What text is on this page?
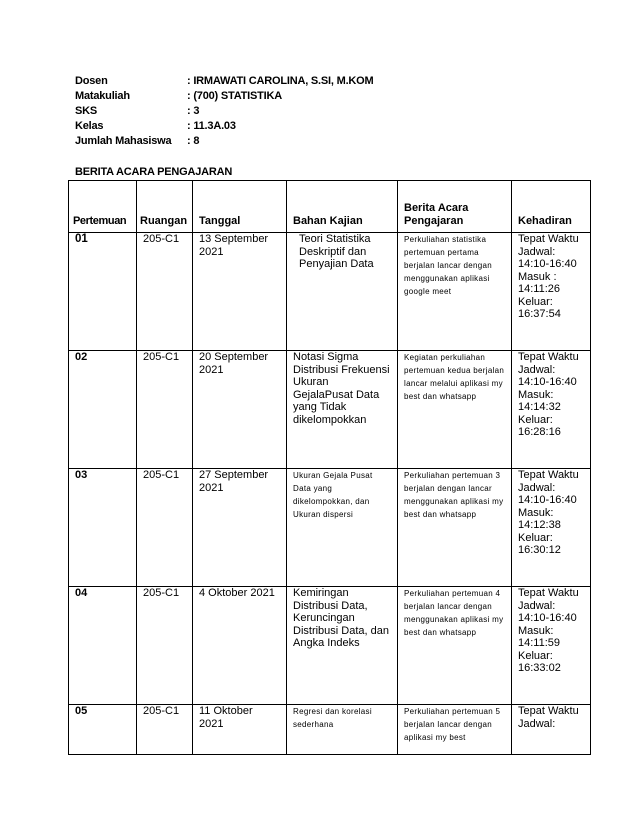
Dosen	: IRMAWATI CAROLINA, S.SI, M.KOM
Matakuliah	: (700) STATISTIKA
SKS	: 3
Kelas	: 11.3A.03
Jumlah Mahasiswa	: 8
BERITA ACARA PENGAJARAN
Pertemuan	Ruangan	Tanggal	Bahan Kajian	Berita Acara Pengajaran	Kehadiran
01	205-C1	13 September 2021	Teori Statistika Deskriptif dan Penyajian Data	Perkuliahan statistika pertemuan pertama berjalan lancar dengan menggunakan aplikasi google meet	Tepat Waktu Jadwal: 14:10-16:40 Masuk : 14:11:26 Keluar: 16:37:54
02	205-C1	20 September 2021	Notasi Sigma Distribusi Frekuensi Ukuran GejalaPusat Data yang Tidak dikelompokkan	Kegiatan perkuliahan pertemuan kedua berjalan lancar melalui aplikasi my best dan whatsapp	Tepat Waktu Jadwal: 14:10-16:40 Masuk: 14:14:32 Keluar: 16:28:16
03	205-C1	27 September 2021	Ukuran Gejala Pusat Data yang dikelompokkan, dan Ukuran dispersi	Perkuliahan pertemuan 3 berjalan dengan lancar menggunakan aplikasi my best dan whatsapp	Tepat Waktu Jadwal: 14:10-16:40 Masuk: 14:12:38 Keluar: 16:30:12
04	205-C1	4 Oktober 2021	Kemiringan Distribusi Data, Keruncingan Distribusi Data, dan Angka Indeks	Perkuliahan pertemuan 4 berjalan lancar dengan menggunakan aplikasi my best dan whatsapp	Tepat Waktu Jadwal: 14:10-16:40 Masuk: 14:11:59 Keluar: 16:33:02
05	205-C1	11 Oktober 2021	Regresi dan korelasi sederhana	Perkuliahan pertemuan 5 berjalan lancar dengan aplikasi my best	Tepat Waktu Jadwal:
